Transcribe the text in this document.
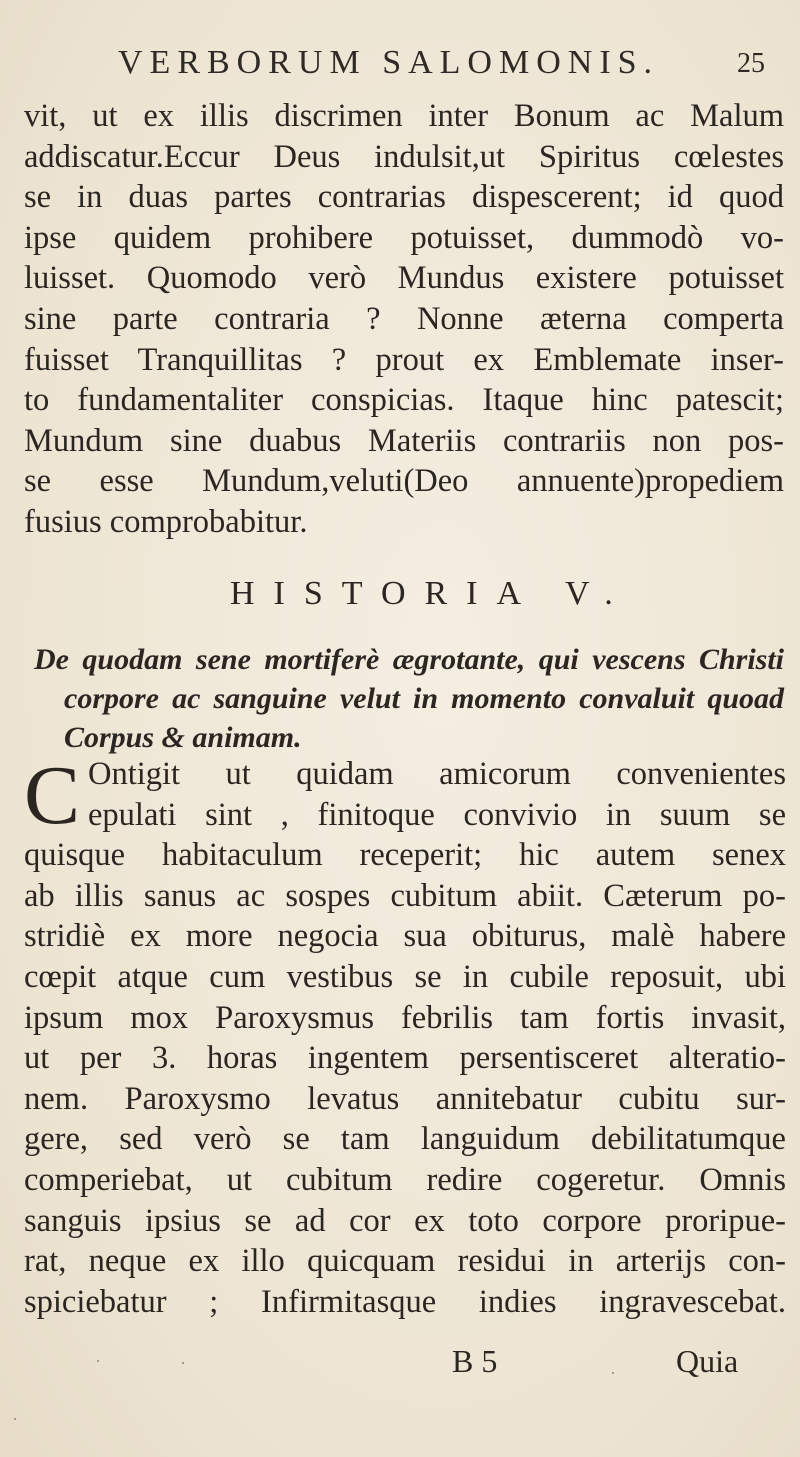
VERBORUM SALOMONIS.	25
vit, ut ex illis discrimen inter Bonum ac Malum
addiscatur.Eccur Deus indulsit,ut Spiritus cœlestes
se in duas partes contrarias dispescerent; id quod
ipse quidem prohibere potuisset, dummodò vo-
luisset. Quomodo verò Mundus existere potuisset
sine parte contraria ? Nonne æterna comperta
fuisset Tranquillitas ? prout ex Emblemate inser-
to fundamentaliter conspicias. Itaque hinc patescit;
Mundum sine duabus Materiis contrariis non pos-
se esse Mundum,veluti(Deo annuente)propediem
fusius comprobabitur.
HISTORIA V.
De quodam sene mortiferè ægrotante, qui vescens Christi
corpore ac sanguine velut in momento convaluit quoad
Corpus & animam.
C Ontigit ut quidam amicorum convenientes
epulati sint , finitoque convivio in suum se
quisque habitaculum receperit; hic autem senex
ab illis sanus ac sospes cubitum abiit. Cæterum po-
stridiè ex more negocia sua obiturus, malè habere
cœpit atque cum vestibus se in cubile reposuit, ubi
ipsum mox Paroxysmus febrilis tam fortis invasit,
ut per 3. horas ingentem persentisceret alteratio-
nem. Paroxysmo levatus annitebatur cubitu sur-
gere, sed verò se tam languidum debilitatumque
comperiebat, ut cubitum redire cogeretur. Omnis
sanguis ipsius se ad cor ex toto corpore proripue-
rat, neque ex illo quicquam residui in arterijs con-
spiciebatur ; Infirmitasque indies ingravescebat.
B 5	Quia
